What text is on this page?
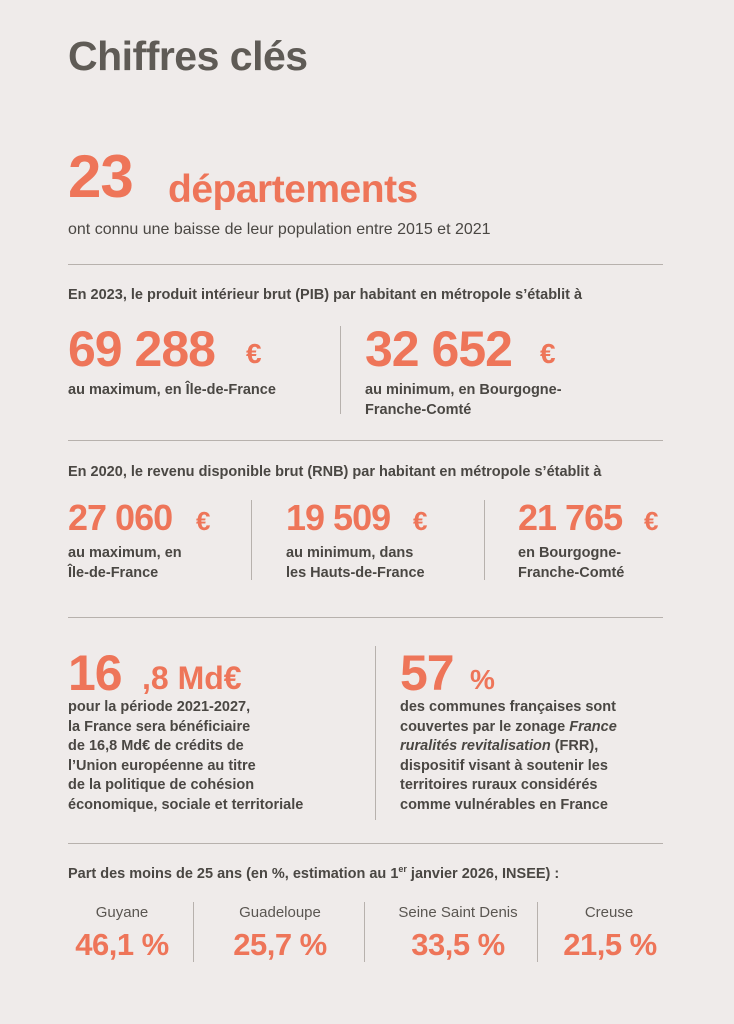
Chiffres clés
23 départements
ont connu une baisse de leur population entre 2015 et 2021
En 2023, le produit intérieur brut (PIB) par habitant en métropole s’établit à
69 288 €
au maximum, en Île-de-France
32 652 €
au minimum, en Bourgogne-
Franche-Comté
En 2020, le revenu disponible brut (RNB) par habitant en métropole s’établit à
27 060 €
au maximum, en
Île-de-France
19 509 €
au minimum, dans
les Hauts-de-France
21 765 €
en Bourgogne-
Franche-Comté
16 ,8 Md€
pour la période 2021-2027,
la France sera bénéficiaire
de 16,8 Md€ de crédits de
l’Union européenne au titre
de la politique de cohésion
économique, sociale et territoriale
57 %
des communes françaises sont
couvertes par le zonage France
ruralités revitalisation (FRR),
dispositif visant à soutenir les
territoires ruraux considérés
comme vulnérables en France
Part des moins de 25 ans (en %, estimation au 1er janvier 2026, INSEE) :
Guyane
46,1 %
Guadeloupe
25,7 %
Seine Saint Denis
33,5 %
Creuse
21,5 %
